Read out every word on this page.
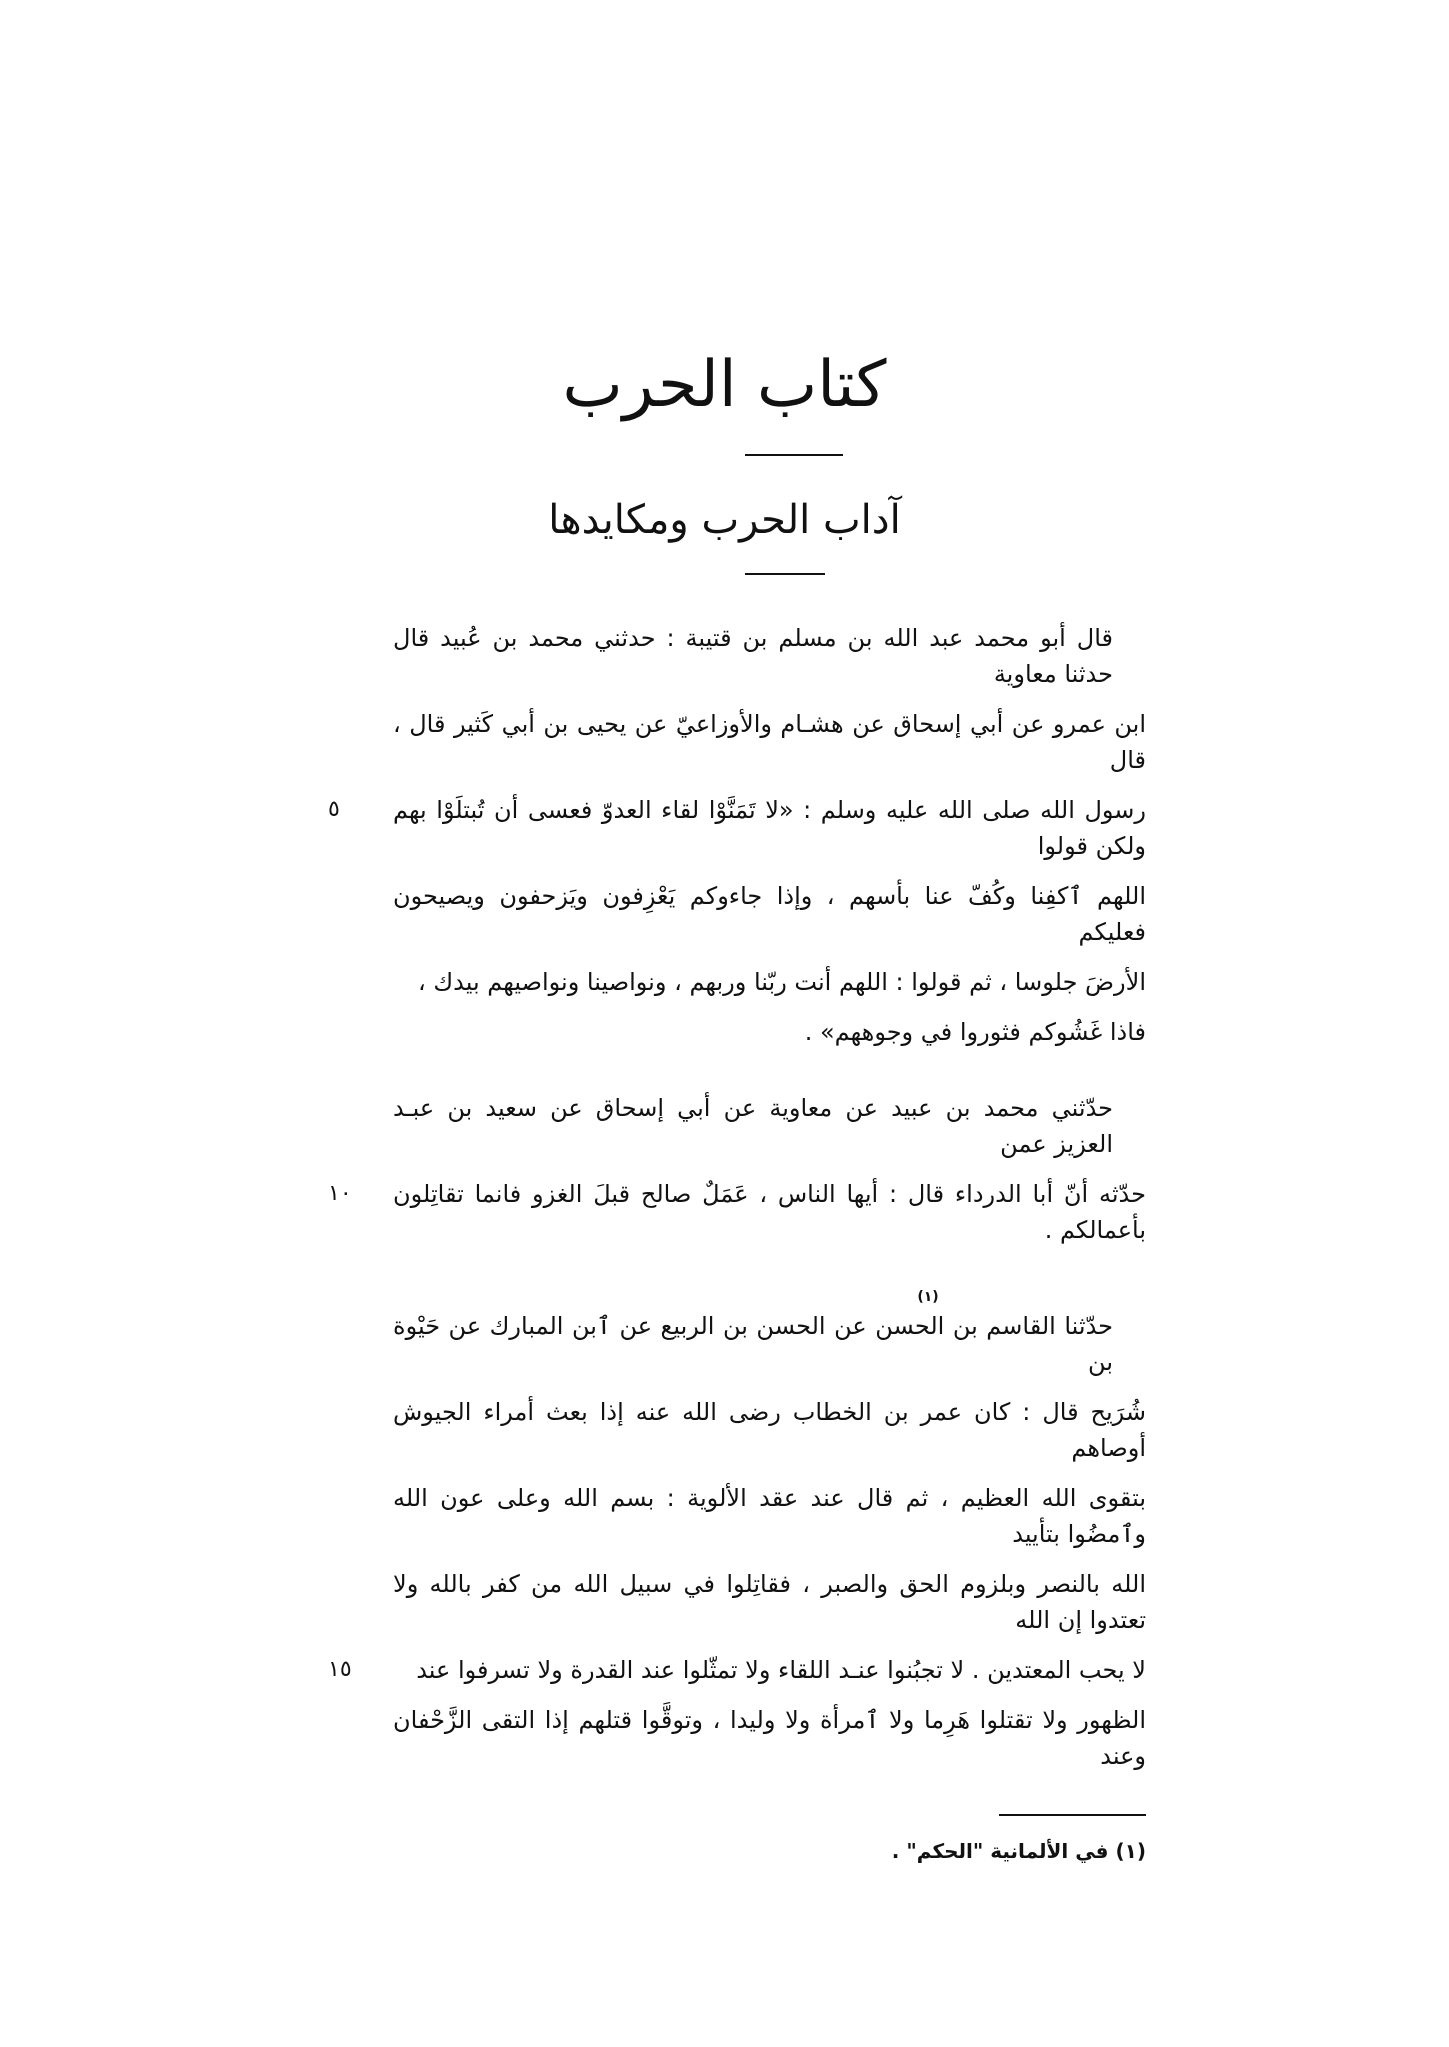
كتاب الحرب
آداب الحرب ومكايدها
قال أبو محمد عبد الله بن مسلم بن قتيبة : حدثني محمد بن عُبيد قال حدثنا معاوية
ابن عمرو عن أبي إسحاق عن هشـام والأوزاعيّ عن يحيى بن أبي كَثير قال ، قال
رسول الله صلى الله عليه وسلم : «لا تَمَنَّوْا لقاء العدوّ فعسى أن تُبتلَوْا بهم ولكن قولوا
٥
اللهم ٱكفِنا وكُفّ عنا بأسهم ، وإذا جاءوكم يَعْزِفون ويَزحفون ويصيحون فعليكم
الأرضَ جلوسا ، ثم قولوا : اللهم أنت ربّنا وربهم ، ونواصينا ونواصيهم بيدك ،
فاذا غَشُوكم فثوروا في وجوههم» .
حدّثني محمد بن عبيد عن معاوية عن أبي إسحاق عن سعيد بن عبـد العزيز عمن
حدّثه أنّ أبا الدرداء قال : أيها الناس ، عَمَلٌ صالح قبلَ الغزو فانما تقاتِلون بأعمالكم .
١٠
(١)
حدّثنا القاسم بن الحسن عن الحسن بن الربيع عن ٱبن المبارك عن حَيْوة بن
شُرَيح قال : كان عمر بن الخطاب رضى الله عنه إذا بعث أمراء الجيوش أوصاهم
بتقوى الله العظيم ، ثم قال عند عقد الألوية : بسم الله وعلى عون الله وٱمضُوا بتأييد
الله بالنصر وبلزوم الحق والصبر ، فقاتِلوا في سبيل الله من كفر بالله ولا تعتدوا إن الله
لا يحب المعتدين . لا تجبُنوا عنـد اللقاء ولا تمثّلوا عند القدرة ولا تسرفوا عند
١٥
الظهور ولا تقتلوا هَرِما ولا ٱمرأة ولا وليدا ، وتوقَّوا قتلهم إذا التقى الزَّحْفان وعند
(١) في الألمانية "الحكم" .
